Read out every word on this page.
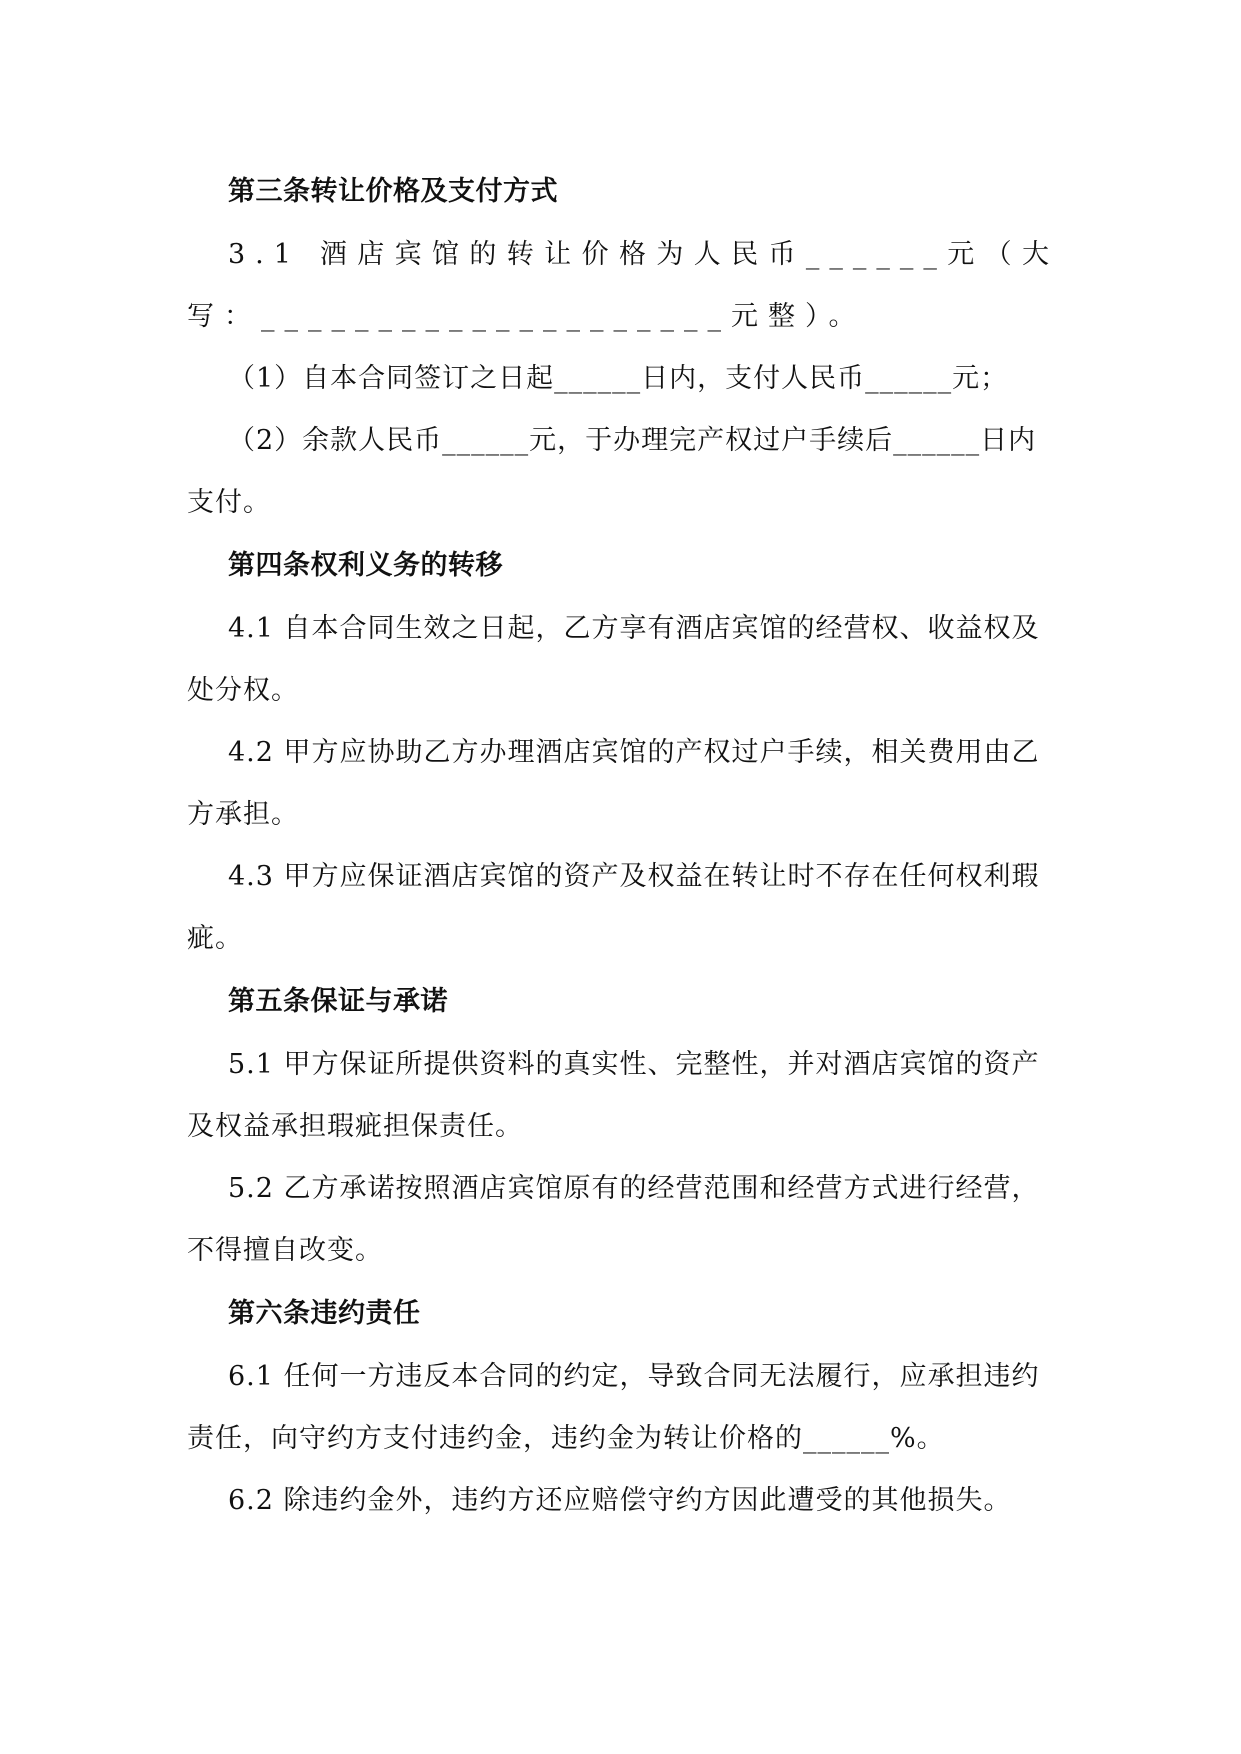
第三条转让价格及支付方式

3.1 酒店宾馆的转让价格为人民币______元（大写：____________________元整）。

（1）自本合同签订之日起______日内，支付人民币______元；

（2）余款人民币______元，于办理完产权过户手续后______日内支付。

第四条权利义务的转移

4.1 自本合同生效之日起，乙方享有酒店宾馆的经营权、收益权及处分权。

4.2 甲方应协助乙方办理酒店宾馆的产权过户手续，相关费用由乙方承担。

4.3 甲方应保证酒店宾馆的资产及权益在转让时不存在任何权利瑕疵。

第五条保证与承诺

5.1 甲方保证所提供资料的真实性、完整性，并对酒店宾馆的资产及权益承担瑕疵担保责任。

5.2 乙方承诺按照酒店宾馆原有的经营范围和经营方式进行经营，不得擅自改变。

第六条违约责任

6.1 任何一方违反本合同的约定，导致合同无法履行，应承担违约责任，向守约方支付违约金，违约金为转让价格的______%。

6.2 除违约金外，违约方还应赔偿守约方因此遭受的其他损失。
